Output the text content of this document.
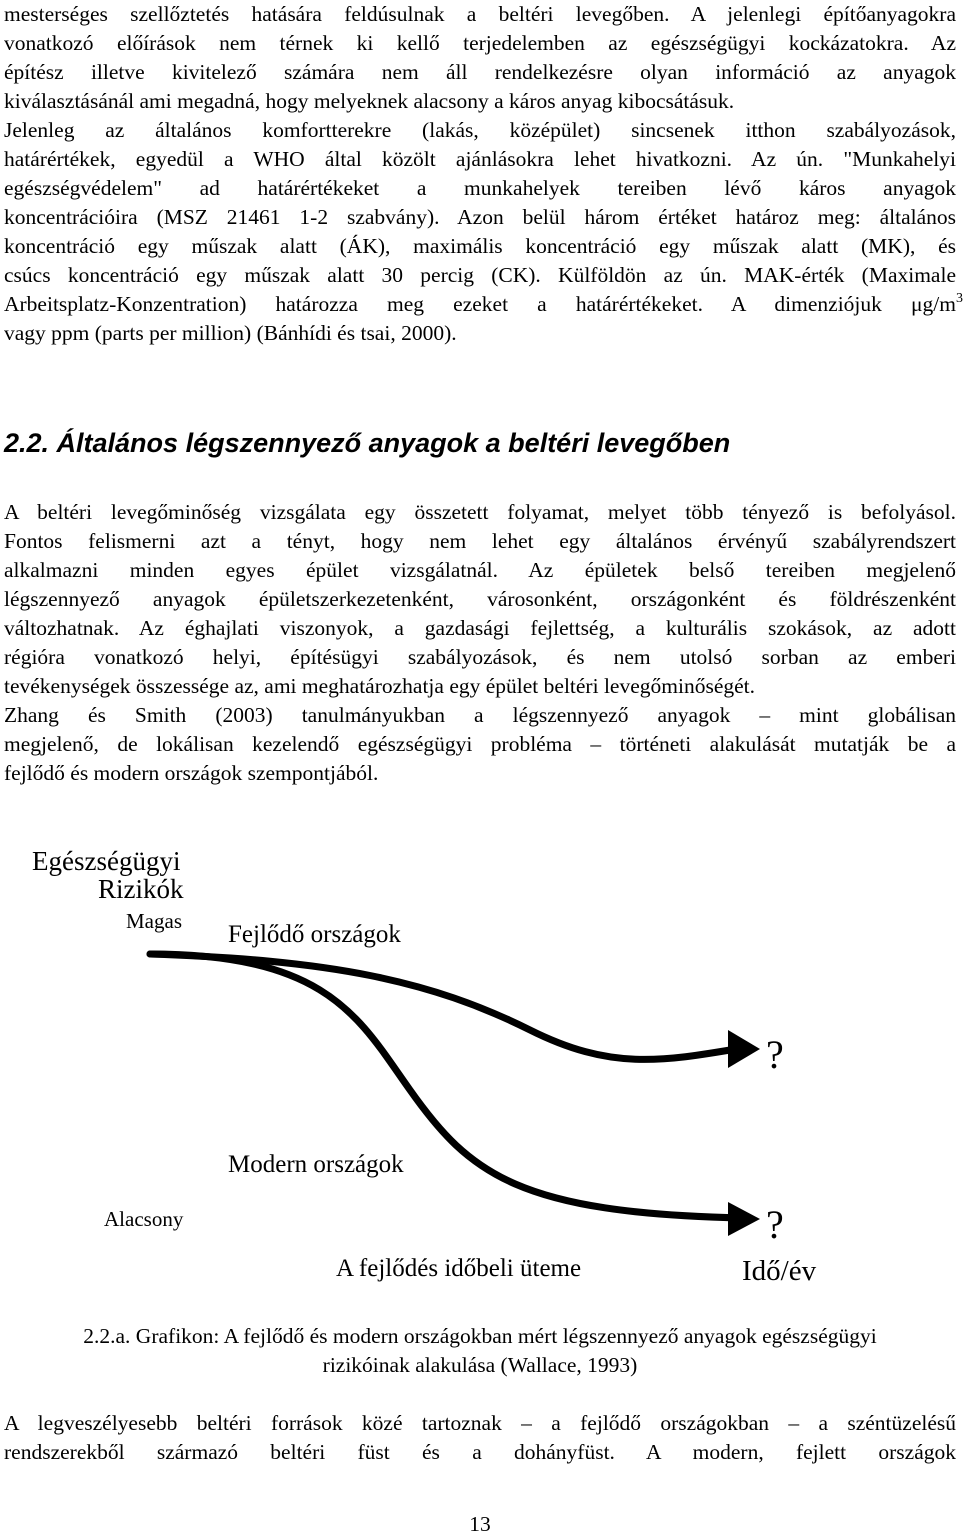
mesterséges szellőztetés hatására feldúsulnak a beltéri levegőben. A jelenlegi építőanyagokra
vonatkozó előírások nem térnek ki kellő terjedelemben az egészségügyi kockázatokra. Az
építész illetve kivitelező számára nem áll rendelkezésre olyan információ az anyagok
kiválasztásánál ami megadná, hogy melyeknek alacsony a káros anyag kibocsátásuk.
Jelenleg az általános komfortterekre (lakás, középület) sincsenek itthon szabályozások,
határértékek, egyedül a WHO által közölt ajánlásokra lehet hivatkozni. Az ún. "Munkahelyi
egészségvédelem" ad határértékeket a munkahelyek tereiben lévő káros anyagok
koncentrációira (MSZ 21461 1-2 szabvány). Azon belül három értéket határoz meg: általános
koncentráció egy műszak alatt (ÁK), maximális koncentráció egy műszak alatt (MK), és
csúcs koncentráció egy műszak alatt 30 percig (CK). Külföldön az ún. MAK-érték (Maximale
Arbeitsplatz-Konzentration) határozza meg ezeket a határértékeket. A dimenziójuk μg/m 3
vagy ppm (parts per million) (Bánhídi és tsai, 2000).
2.2. Általános légszennyező anyagok a beltéri levegőben
A beltéri levegőminőség vizsgálata egy összetett folyamat, melyet több tényező is befolyásol.
Fontos felismerni azt a tényt, hogy nem lehet egy általános érvényű szabályrendszert
alkalmazni minden egyes épület vizsgálatnál. Az épületek belső tereiben megjelenő
légszennyező anyagok épületszerkezetenként, városonként, országonként és földrészenként
változhatnak. Az éghajlati viszonyok, a gazdasági fejlettség, a kulturális szokások, az adott
régióra vonatkozó helyi, építésügyi szabályozások, és nem utolsó sorban az emberi
tevékenységek összessége az, ami meghatározhatja egy épület beltéri levegőminőségét.
Zhang és Smith (2003) tanulmányukban a légszennyező anyagok – mint globálisan
megjelenő, de lokálisan kezelendő egészségügyi probléma – történeti alakulását mutatják be a
fejlődő és modern országok szempontjából.
Egészségügyi
Rizikók
Magas Fejlődő országok
?
Modern országok
?
Alacsony
A fejlődés időbeli üteme	Idő/év
2.2.a. Grafikon: A fejlődő és modern országokban mért légszennyező anyagok egészségügyi
rizikóinak alakulása (Wallace, 1993)
A legveszélyesebb beltéri források közé tartoznak – a fejlődő országokban – a széntüzelésű
rendszerekből származó beltéri füst és a dohányfüst. A modern, fejlett országok
13
